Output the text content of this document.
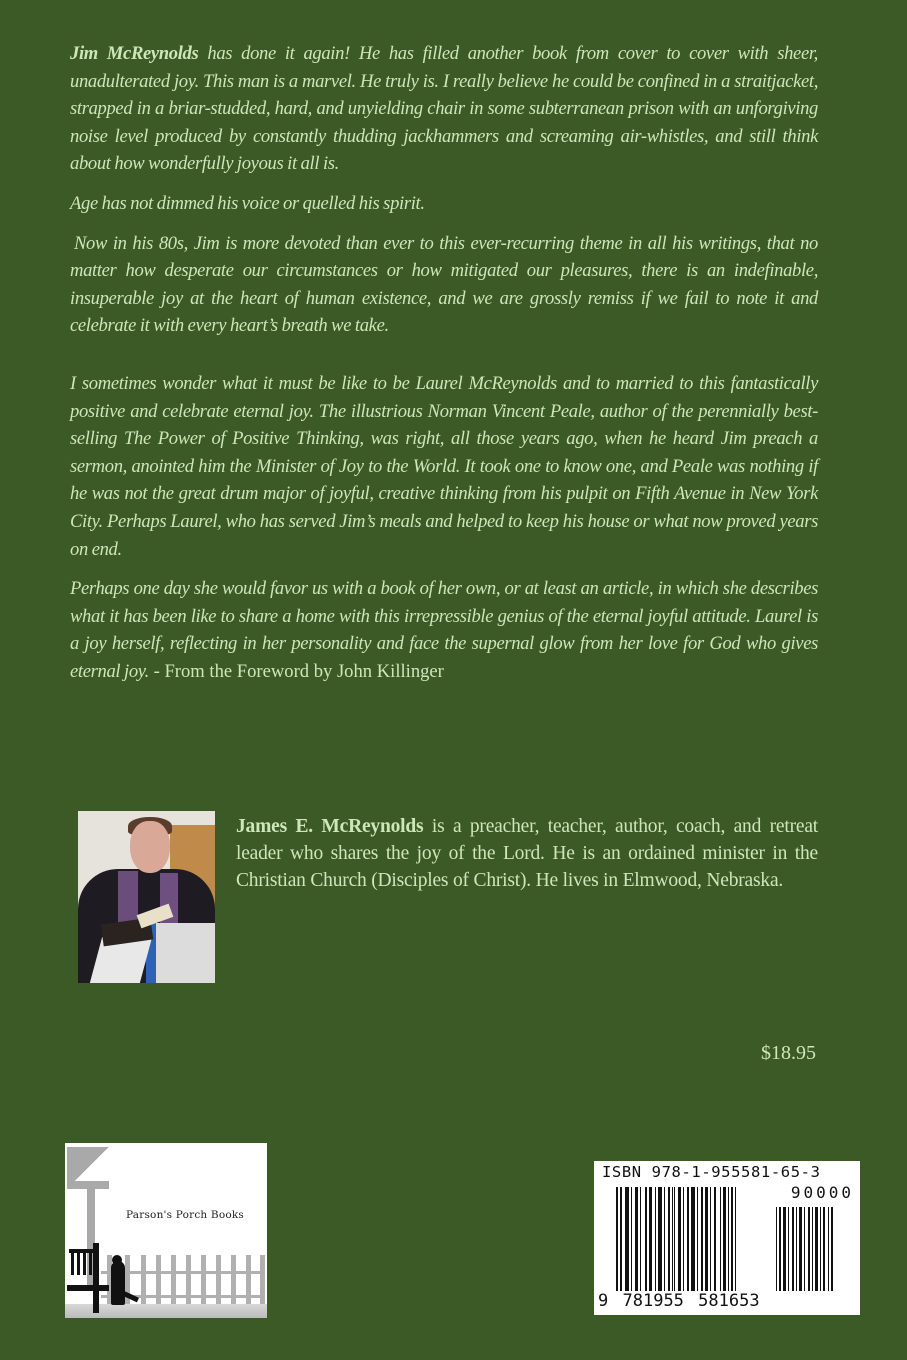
Jim McReynolds has done it again! He has filled another book from cover to cover with sheer, unadulterated joy. This man is a marvel. He truly is. I really believe he could be confined in a straitjacket, strapped in a briar-studded, hard, and unyielding chair in some subterranean prison with an unforgiving noise level produced by constantly thudding jackhammers and screaming air-whistles, and still think about how wonderfully joyous it all is.

Age has not dimmed his voice or quelled his spirit.

Now in his 80s, Jim is more devoted than ever to this ever-recurring theme in all his writings, that no matter how desperate our circumstances or how mitigated our pleasures, there is an indefinable, insuperable joy at the heart of human existence, and we are grossly remiss if we fail to note it and celebrate it with every heart’s breath we take.

I sometimes wonder what it must be like to be Laurel McReynolds and to married to this fantastically positive and celebrate eternal joy. The illustrious Norman Vincent Peale, author of the perennially best-selling The Power of Positive Thinking, was right, all those years ago, when he heard Jim preach a sermon, anointed him the Minister of Joy to the World. It took one to know one, and Peale was nothing if he was not the great drum major of joyful, creative thinking from his pulpit on Fifth Avenue in New York City. Perhaps Laurel, who has served Jim’s meals and helped to keep his house or what now proved years on end.

Perhaps one day she would favor us with a book of her own, or at least an article, in which she describes what it has been like to share a home with this irrepressible genius of the eternal joyful attitude. Laurel is a joy herself, reflecting in her personality and face the supernal glow from her love for God who gives eternal joy. - From the Foreword by John Killinger

James E. McReynolds is a preacher, teacher, author, coach, and retreat leader who shares the joy of the Lord. He is an ordained minister in the Christian Church (Disciples of Christ). He lives in Elmwood, Nebraska.
$18.95
Parson's Porch Books
ISBN 978-1-955581-65-3
90000
9 781955 581653
